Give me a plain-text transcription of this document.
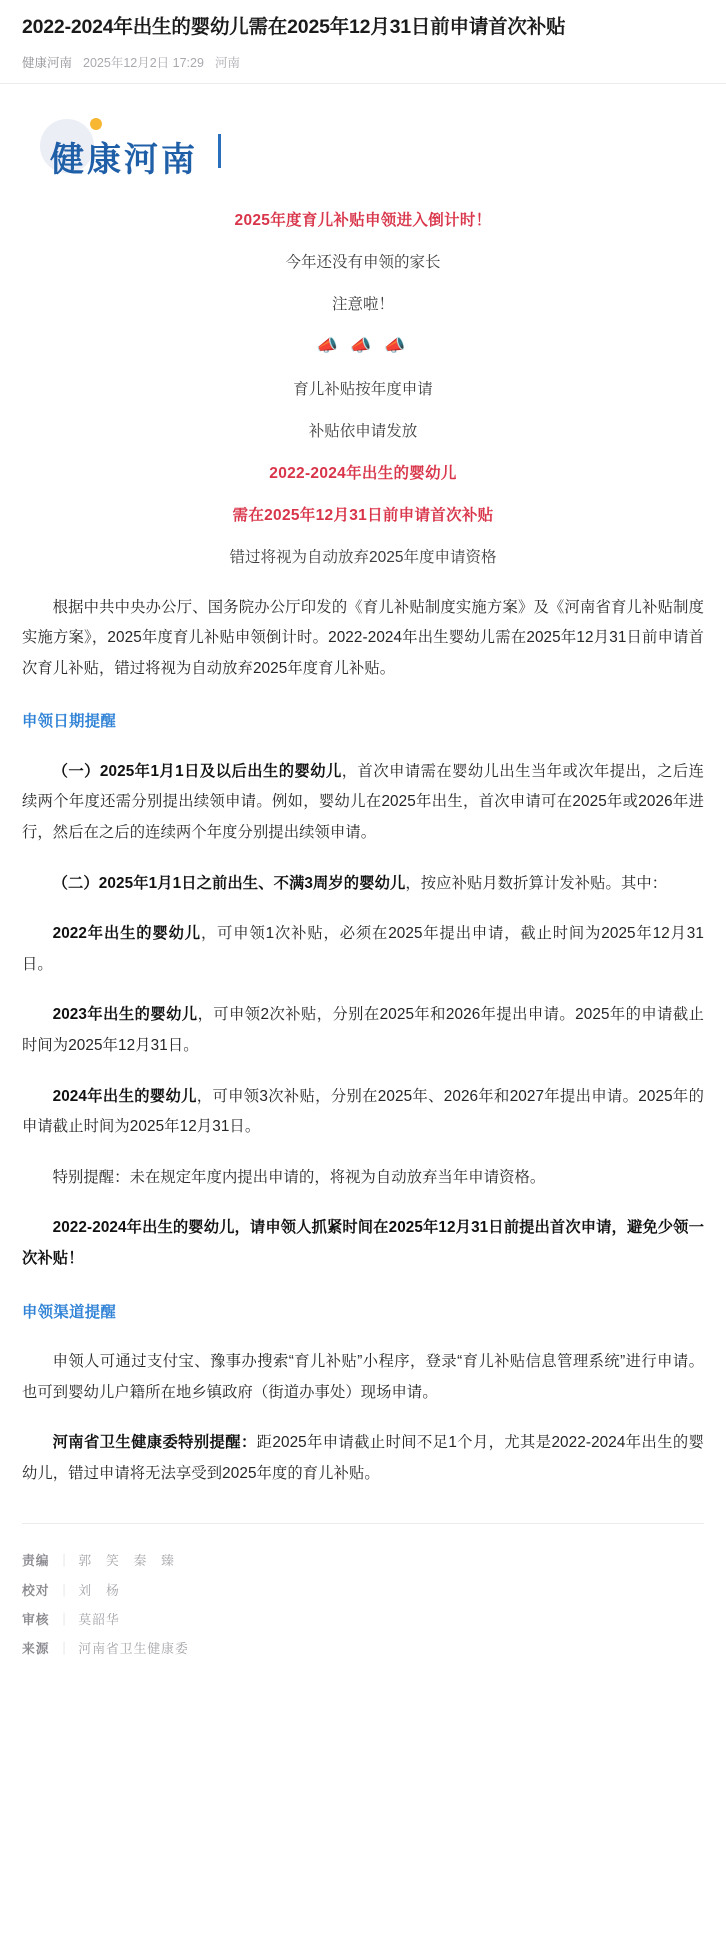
2022-2024年出生的婴幼儿需在2025年12月31日前申请首次补贴
健康河南 2025年12月2日 17:29 河南
健康河南

2025年度育儿补贴申领进入倒计时！

今年还没有申领的家长

注意啦！

📣 📣 📣

育儿补贴按年度申请

补贴依申请发放

2022-2024年出生的婴幼儿

需在2025年12月31日前申请首次补贴

错过将视为自动放弃2025年度申请资格

根据中共中央办公厅、国务院办公厅印发的《育儿补贴制度实施方案》及《河南省育儿补贴制度实施方案》，2025年度育儿补贴申领倒计时。2022-2024年出生婴幼儿需在2025年12月31日前申请首次育儿补贴，错过将视为自动放弃2025年度育儿补贴。

申领日期提醒

（一）2025年1月1日及以后出生的婴幼儿，首次申请需在婴幼儿出生当年或次年提出，之后连续两个年度还需分别提出续领申请。例如，婴幼儿在2025年出生，首次申请可在2025年或2026年进行，然后在之后的连续两个年度分别提出续领申请。

（二）2025年1月1日之前出生、不满3周岁的婴幼儿，按应补贴月数折算计发补贴。其中：

2022年出生的婴幼儿，可申领1次补贴，必须在2025年提出申请，截止时间为2025年12月31日。

2023年出生的婴幼儿，可申领2次补贴，分别在2025年和2026年提出申请。2025年的申请截止时间为2025年12月31日。

2024年出生的婴幼儿，可申领3次补贴，分别在2025年、2026年和2027年提出申请。2025年的申请截止时间为2025年12月31日。

特别提醒：未在规定年度内提出申请的，将视为自动放弃当年申请资格。

2022-2024年出生的婴幼儿，请申领人抓紧时间在2025年12月31日前提出首次申请，避免少领一次补贴！

申领渠道提醒

申领人可通过支付宝、豫事办搜索“育儿补贴”小程序，登录“育儿补贴信息管理系统”进行申请。也可到婴幼儿户籍所在地乡镇政府（街道办事处）现场申请。

河南省卫生健康委特别提醒：距2025年申请截止时间不足1个月，尤其是2022-2024年出生的婴幼儿，错过申请将无法享受到2025年度的育儿补贴。

责编 ｜ 郭　笑　秦　臻
校对 ｜ 刘　杨
审核 ｜ 莫韶华
来源 ｜ 河南省卫生健康委
